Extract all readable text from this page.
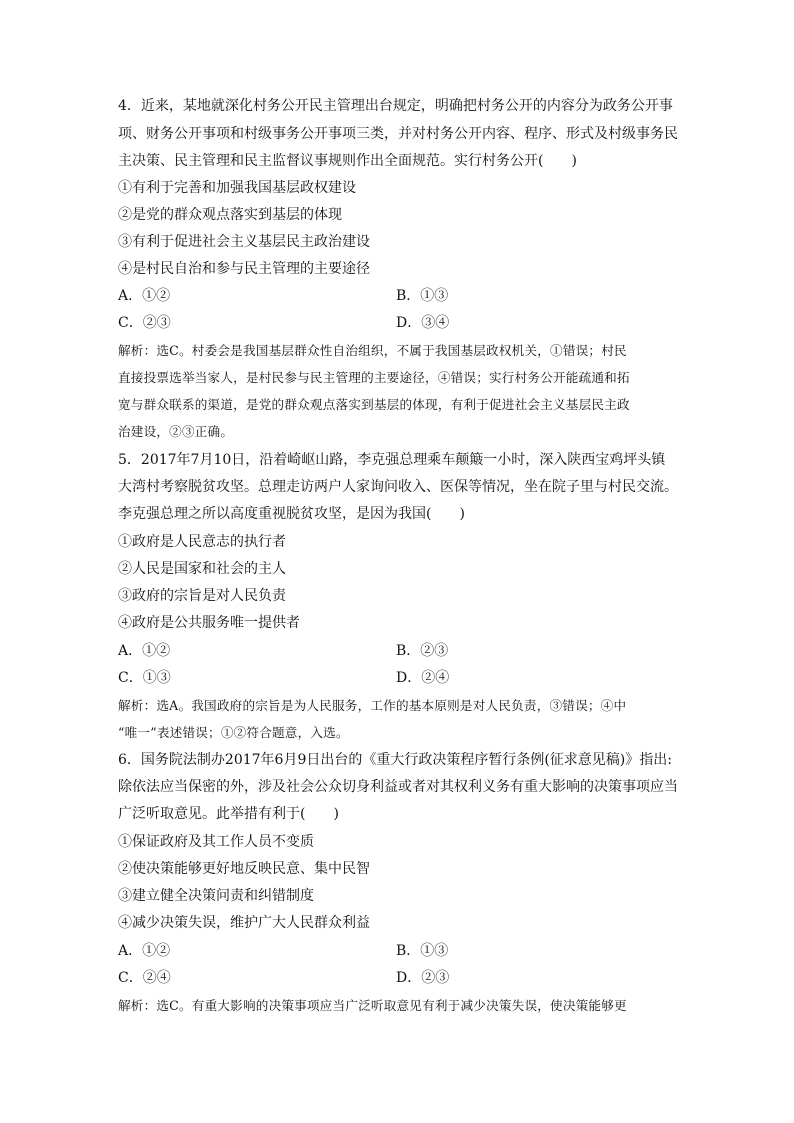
4．近来，某地就深化村务公开民主管理出台规定，明确把村务公开的内容分为政务公开事
项、财务公开事项和村级事务公开事项三类，并对村务公开内容、程序、形式及村级事务民
主决策、民主管理和民主监督议事规则作出全面规范。实行村务公开(　　)
①有利于完善和加强我国基层政权建设
②是党的群众观点落实到基层的体现
③有利于促进社会主义基层民主政治建设
④是村民自治和参与民主管理的主要途径
A．①②	B．①③
C．②③	D．③④
解析：选C。村委会是我国基层群众性自治组织，不属于我国基层政权机关，①错误；村民
直接投票选举当家人，是村民参与民主管理的主要途径，④错误；实行村务公开能疏通和拓
宽与群众联系的渠道，是党的群众观点落实到基层的体现，有利于促进社会主义基层民主政
治建设，②③正确。
5．2017年7月10日，沿着崎岖山路，李克强总理乘车颠簸一小时，深入陕西宝鸡坪头镇
大湾村考察脱贫攻坚。总理走访两户人家询问收入、医保等情况，坐在院子里与村民交流。
李克强总理之所以高度重视脱贫攻坚，是因为我国(　　)
①政府是人民意志的执行者
②人民是国家和社会的主人
③政府的宗旨是对人民负责
④政府是公共服务唯一提供者
A．①②	B．②③
C．①③	D．②④
解析：选A。我国政府的宗旨是为人民服务，工作的基本原则是对人民负责，③错误；④中
“唯一”表述错误；①②符合题意，入选。
6．国务院法制办2017年6月9日出台的《重大行政决策程序暂行条例(征求意见稿)》指出:
除依法应当保密的外，涉及社会公众切身利益或者对其权利义务有重大影响的决策事项应当
广泛听取意见。此举措有利于(　　)
①保证政府及其工作人员不变质
②使决策能够更好地反映民意、集中民智
③建立健全决策问责和纠错制度
④减少决策失误，维护广大人民群众利益
A．①②	B．①③
C．②④	D．②③
解析：选C。有重大影响的决策事项应当广泛听取意见有利于减少决策失误，使决策能够更
